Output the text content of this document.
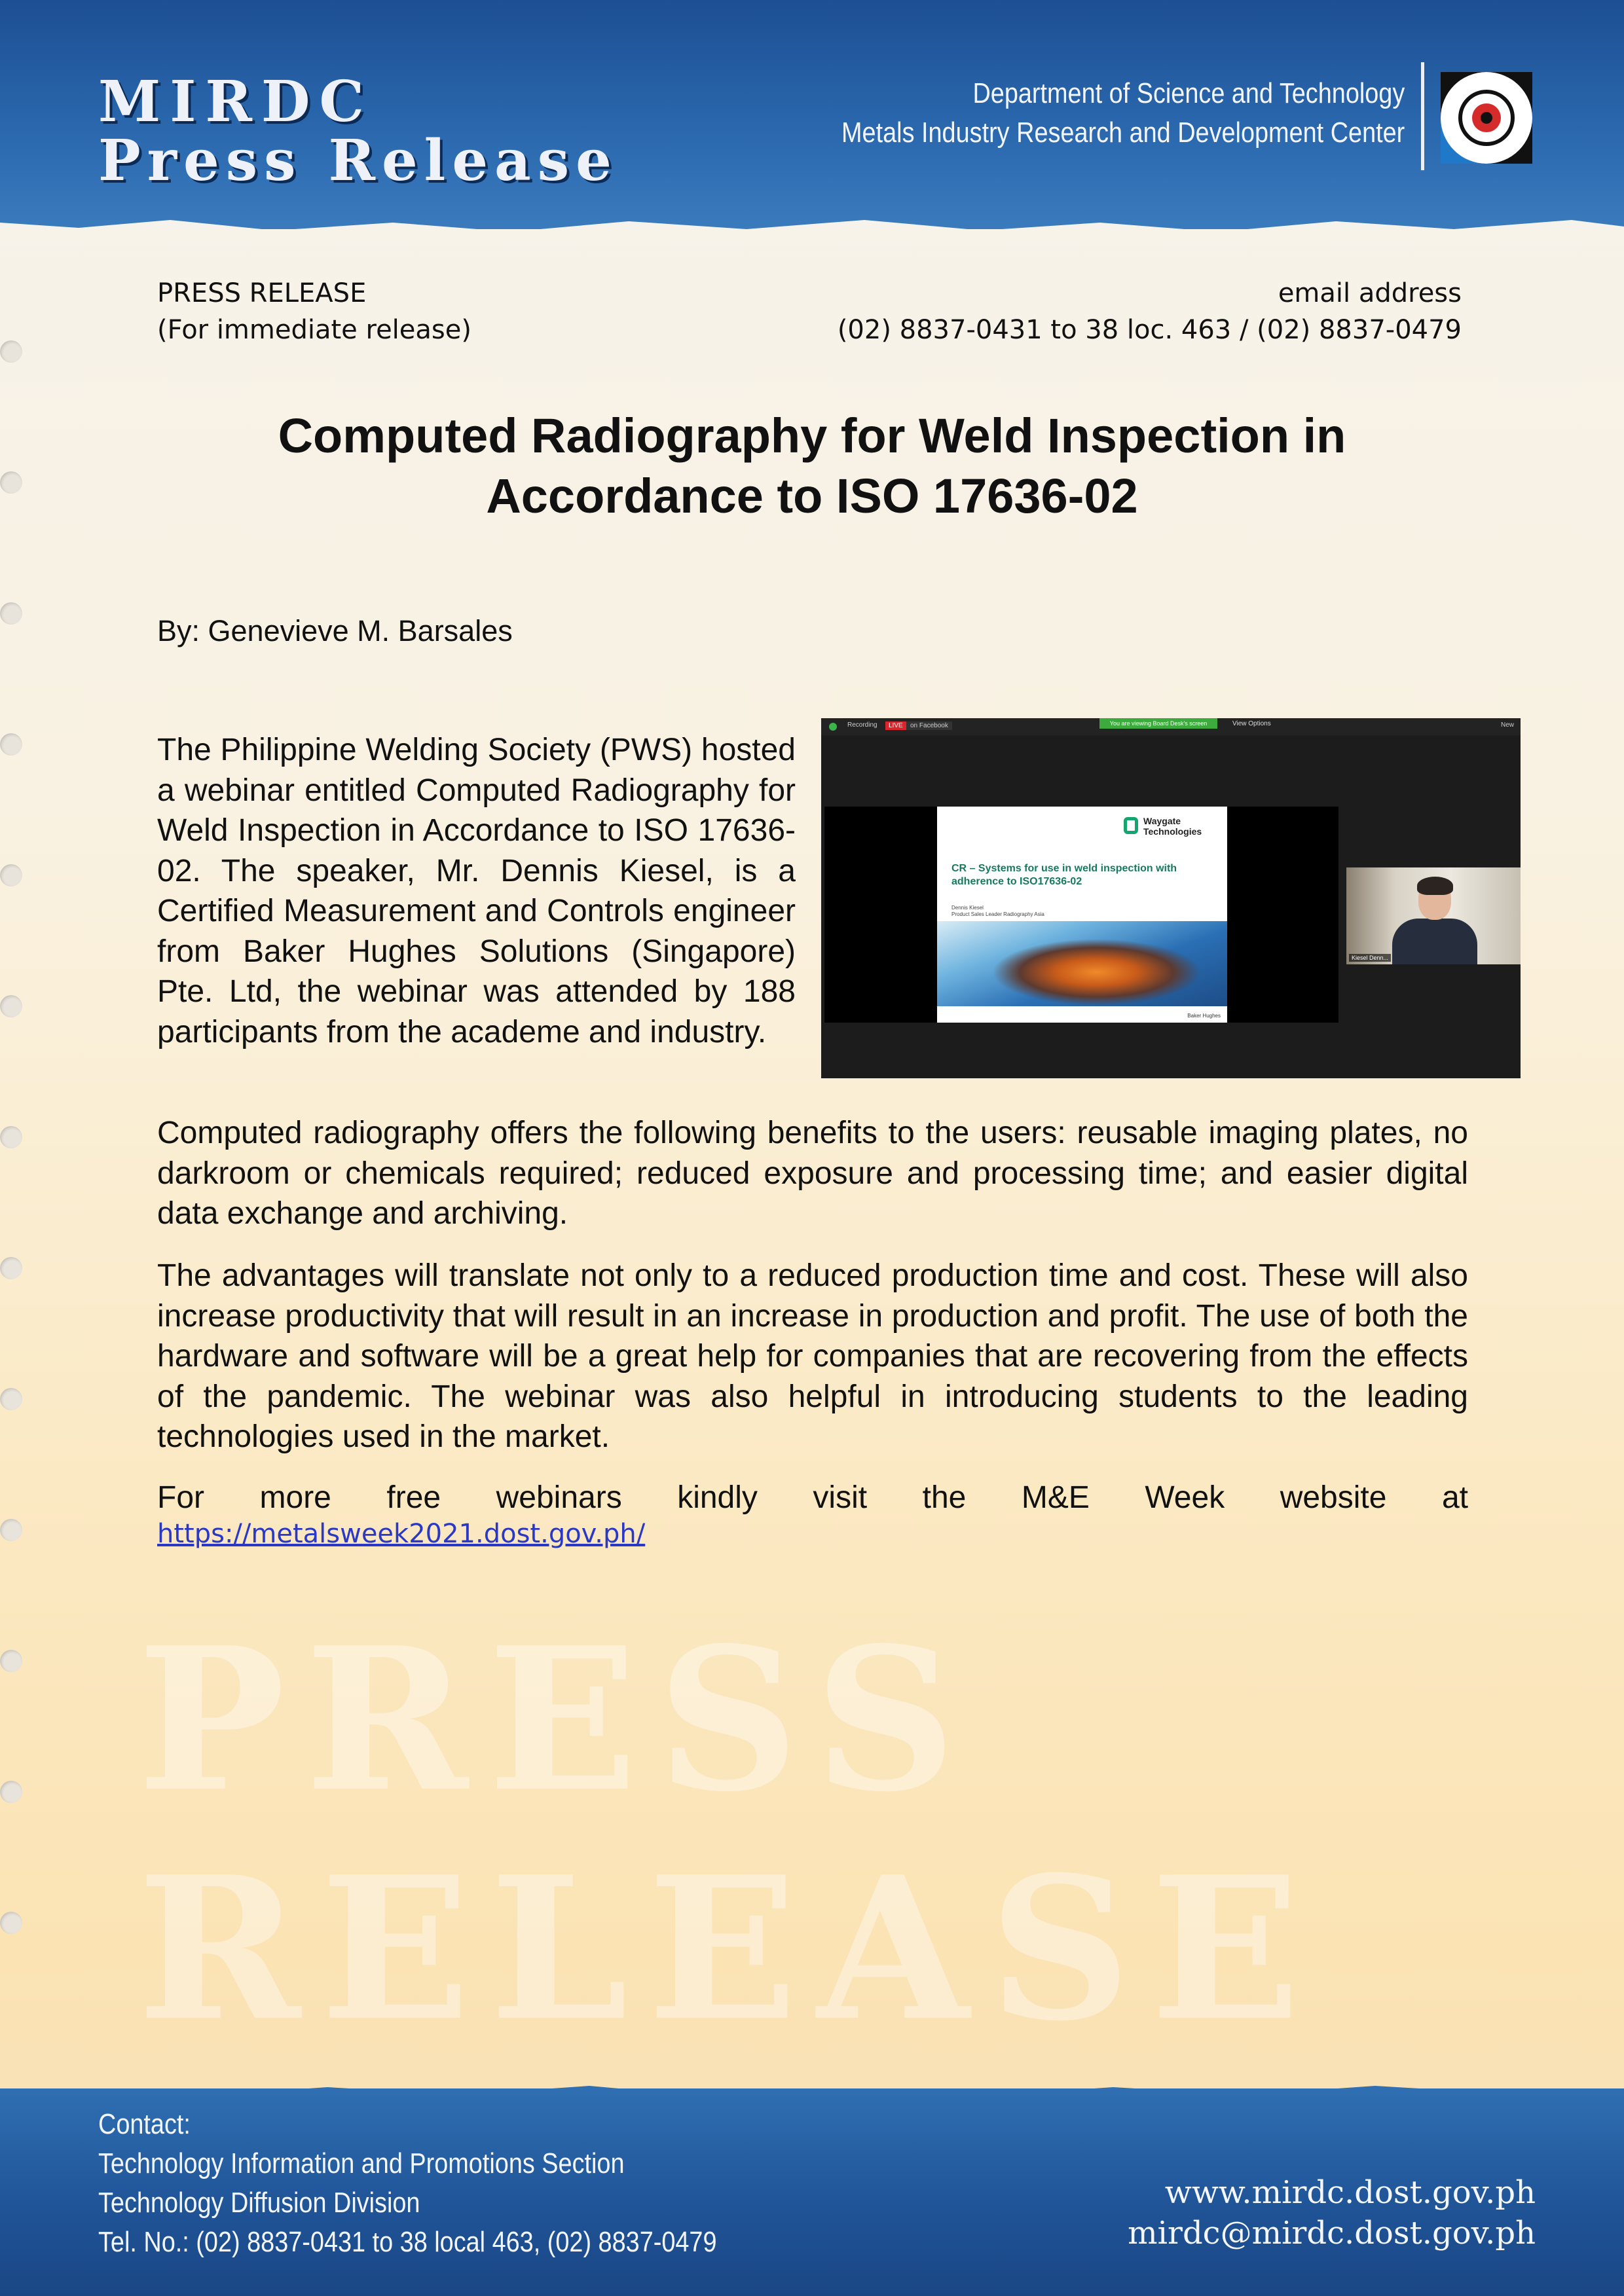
PRESS
RELEASE
MIRDC
Press Release
Department of Science and Technology
Metals Industry Research and Development Center
PRESS RELEASE
(For immediate release)
email address
(02) 8837-0431 to 38 loc. 463 / (02) 8837-0479
Computed Radiography for Weld Inspection in
Accordance to ISO 17636-02
By: Genevieve M. Barsales

The Philippine Welding Society (PWS) hosted a webinar entitled Computed Radiography for Weld Inspection in Accordance to ISO 17636-02. The speaker, Mr. Dennis Kiesel, is a Certified Measurement and Controls engineer from Baker Hughes Solutions (Singapore) Pte. Ltd, the webinar was attended by 188 participants from the academe and industry.

Recording	LIVE	on Facebook	You are viewing Board Desk's screen	View Options	New
Waygate
Technologies
CR – Systems for use in weld inspection with adherence to ISO17636-02
Dennis Kiesel
Product Sales Leader Radiography Asia
Baker Hughes
Kiesel Denn...

Computed radiography offers the following benefits to the users: reusable imaging plates, no darkroom or chemicals required; reduced exposure and processing time; and easier digital data exchange and archiving.

The advantages will translate not only to a reduced production time and cost. These will also increase productivity that will result in an increase in production and profit. The use of both the hardware and software will be a great help for companies that are recovering from the effects of the pandemic. The webinar was also helpful in introducing students to the leading technologies used in the market.

For more free webinars kindly visit the M&E Week website at

https://metalsweek2021.dost.gov.ph/
Contact:
Technology Information and Promotions Section
Technology Diffusion Division
Tel. No.: (02) 8837-0431 to 38 local 463, (02) 8837-0479
www.mirdc.dost.gov.ph
mirdc@mirdc.dost.gov.ph
